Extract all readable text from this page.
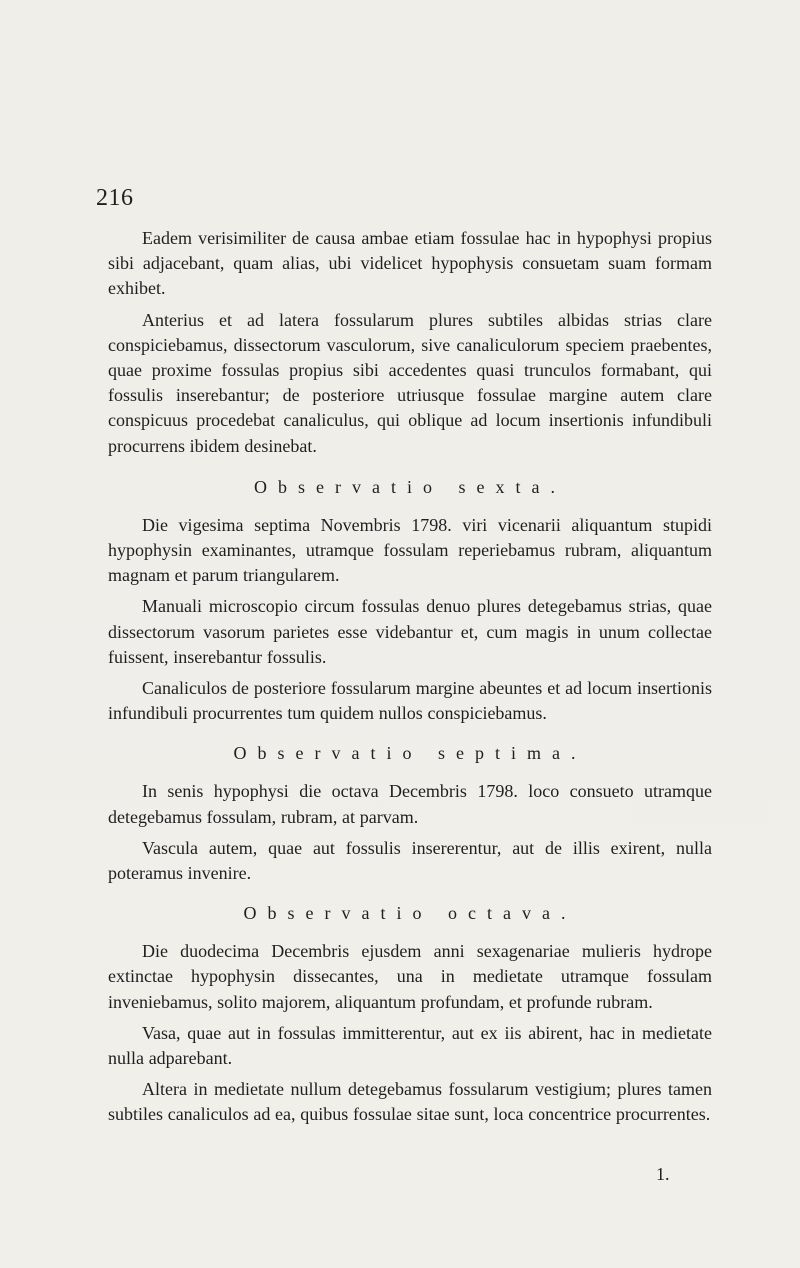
216

Eadem verisimiliter de causa ambae etiam fossulae hac in hypophysi propius sibi adjacebant, quam alias, ubi videlicet hypophysis consuetam suam formam exhibet.

Anterius et ad latera fossularum plures subtiles albidas strias clare conspiciebamus, dissectorum vasculorum, sive canaliculorum speciem praebentes, quae proxime fossulas propius sibi accedentes quasi trunculos formabant, qui fossulis inserebantur; de posteriore utriusque fossulae margine autem clare conspicuus procedebat canaliculus, qui oblique ad locum insertionis infundibuli procurrens ibidem desinebat.

Observatio sexta.

Die vigesima septima Novembris 1798. viri vicenarii aliquantum stupidi hypophysin examinantes, utramque fossulam reperiebamus rubram, aliquantum magnam et parum triangularem.

Manuali microscopio circum fossulas denuo plures detegebamus strias, quae dissectorum vasorum parietes esse videbantur et, cum magis in unum collectae fuissent, inserebantur fossulis.

Canaliculos de posteriore fossularum margine abeuntes et ad locum insertionis infundibuli procurrentes tum quidem nullos conspiciebamus.

Observatio septima.

In senis hypophysi die octava Decembris 1798. loco consueto utramque detegebamus fossulam, rubram, at parvam.

Vascula autem, quae aut fossulis insererentur, aut de illis exirent, nulla poteramus invenire.

Observatio octava.

Die duodecima Decembris ejusdem anni sexagenariae mulieris hydrope extinctae hypophysin dissecantes, una in medietate utramque fossulam inveniebamus, solito majorem, aliquantum profundam, et profunde rubram.

Vasa, quae aut in fossulas immitterentur, aut ex iis abirent, hac in medietate nulla adparebant.

Altera in medietate nullum detegebamus fossularum vestigium; plures tamen subtiles canaliculos ad ea, quibus fossulae sitae sunt, loca concentrice procurrentes.

1.
